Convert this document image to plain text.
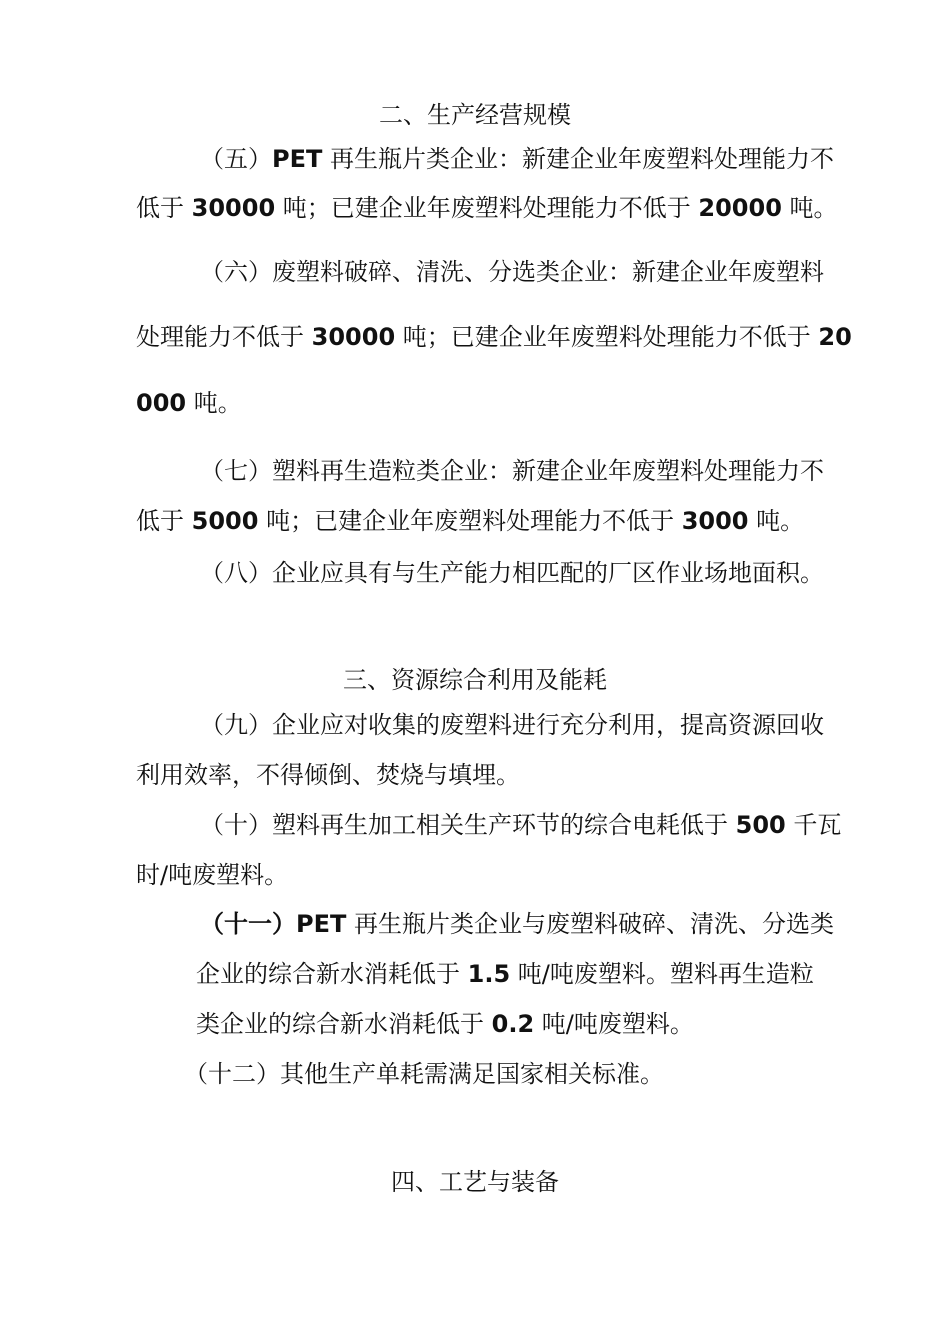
二、生产经营规模
（五）PET 再生瓶片类企业：新建企业年废塑料处理能力不
低于 30000 吨；已建企业年废塑料处理能力不低于 20000 吨。
（六）废塑料破碎、清洗、分选类企业：新建企业年废塑料
处理能力不低于 30000 吨；已建企业年废塑料处理能力不低于 20
000 吨。
（七）塑料再生造粒类企业：新建企业年废塑料处理能力不
低于 5000 吨；已建企业年废塑料处理能力不低于 3000 吨。
（八）企业应具有与生产能力相匹配的厂区作业场地面积。
三、资源综合利用及能耗
（九）企业应对收集的废塑料进行充分利用，提高资源回收
利用效率，不得倾倒、焚烧与填埋。
（十）塑料再生加工相关生产环节的综合电耗低于 500 千瓦
时/吨废塑料。
（十一）PET 再生瓶片类企业与废塑料破碎、清洗、分选类
企业的综合新水消耗低于 1.5 吨/吨废塑料。塑料再生造粒
类企业的综合新水消耗低于 0.2 吨/吨废塑料。
（十二）其他生产单耗需满足国家相关标准。
四、工艺与装备
